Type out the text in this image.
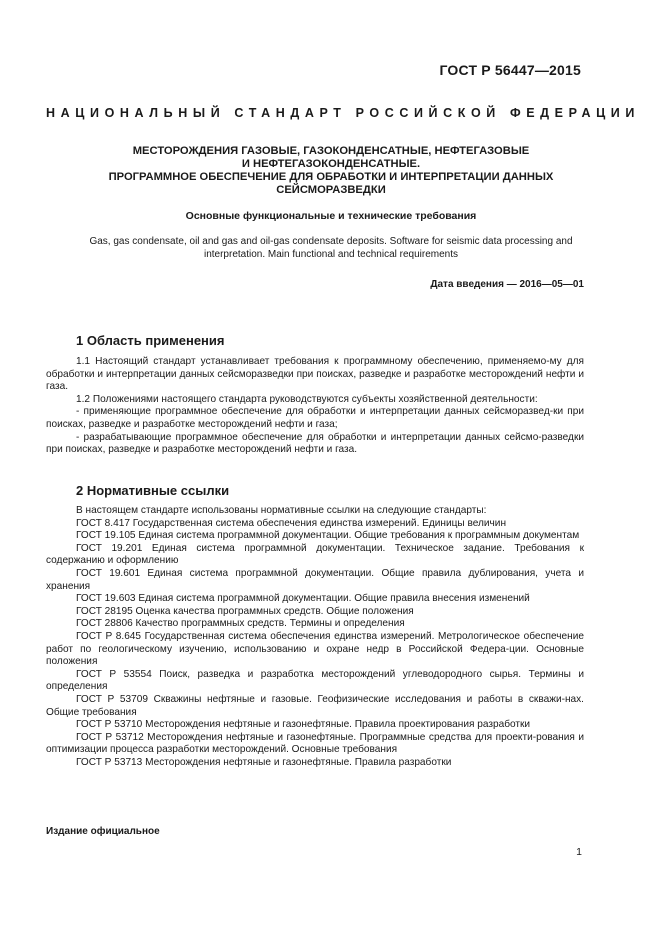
ГОСТ Р 56447—2015
НАЦИОНАЛЬНЫЙ СТАНДАРТ РОССИЙСКОЙ ФЕДЕРАЦИИ
МЕСТОРОЖДЕНИЯ ГАЗОВЫЕ, ГАЗОКОНДЕНСАТНЫЕ, НЕФТЕГАЗОВЫЕ
И НЕФТЕГАЗОКОНДЕНСАТНЫЕ.
ПРОГРАММНОЕ ОБЕСПЕЧЕНИЕ ДЛЯ ОБРАБОТКИ И ИНТЕРПРЕТАЦИИ ДАННЫХ
СЕЙСМОРАЗВЕДКИ
Основные функциональные и технические требования
Gas, gas condensate, oil and gas and oil-gas condensate deposits. Software for seismic data processing and
interpretation. Main functional and technical requirements
Дата введения — 2016—05—01
1 Область применения

1.1 Настоящий стандарт устанавливает требования к программному обеспечению, применяемо-му для обработки и интерпретации данных сейсморазведки при поисках, разведке и разработке месторождений нефти и газа.

1.2 Положениями настоящего стандарта руководствуются субъекты хозяйственной деятельности:

- применяющие программное обеспечение для обработки и интерпретации данных сейсморазвед-ки при поисках, разведке и разработке месторождений нефти и газа;

- разрабатывающие программное обеспечение для обработки и интерпретации данных сейсмо-разведки при поисках, разведке и разработке месторождений нефти и газа.

2 Нормативные ссылки

В настоящем стандарте использованы нормативные ссылки на следующие стандарты:

ГОСТ 8.417 Государственная система обеспечения единства измерений. Единицы величин

ГОСТ 19.105 Единая система программной документации. Общие требования к программным документам

ГОСТ 19.201 Единая система программной документации. Техническое задание. Требования к содержанию и оформлению

ГОСТ 19.601 Единая система программной документации. Общие правила дублирования, учета и хранения

ГОСТ 19.603 Единая система программной документации. Общие правила внесения изменений

ГОСТ 28195 Оценка качества программных средств. Общие положения

ГОСТ 28806 Качество программных средств. Термины и определения

ГОСТ Р 8.645 Государственная система обеспечения единства измерений. Метрологическое обеспечение работ по геологическому изучению, использованию и охране недр в Российской Федера-ции. Основные положения

ГОСТ Р 53554 Поиск, разведка и разработка месторождений углеводородного сырья. Термины и определения

ГОСТ Р 53709 Скважины нефтяные и газовые. Геофизические исследования и работы в скважи-нах. Общие требования

ГОСТ Р 53710 Месторождения нефтяные и газонефтяные. Правила проектирования разработки

ГОСТ Р 53712 Месторождения нефтяные и газонефтяные. Программные средства для проекти-рования и оптимизации процесса разработки месторождений. Основные требования

ГОСТ Р 53713 Месторождения нефтяные и газонефтяные. Правила разработки

Издание официальное
1
